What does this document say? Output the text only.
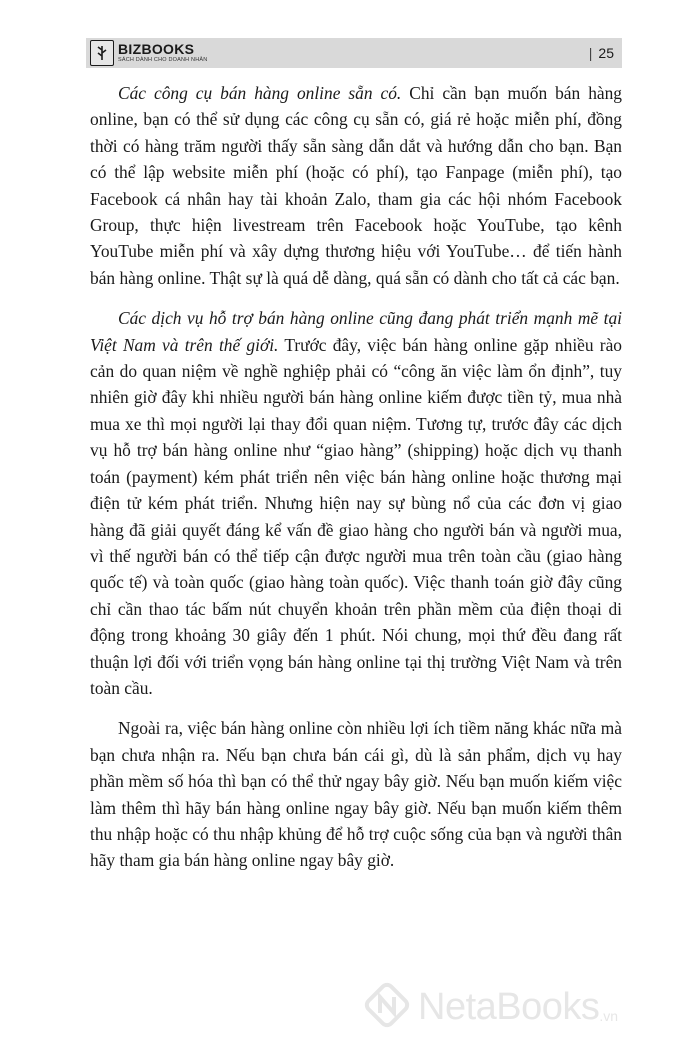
BIZBOOKS
SÁCH DÀNH CHO DOANH NHÂN	| 25

Các công cụ bán hàng online sẵn có. Chỉ cần bạn muốn bán hàng online, bạn có thể sử dụng các công cụ sẵn có, giá rẻ hoặc miễn phí, đồng thời có hàng trăm người thấy sẵn sàng dẫn dắt và hướng dẫn cho bạn. Bạn có thể lập website miễn phí (hoặc có phí), tạo Fanpage (miễn phí), tạo Facebook cá nhân hay tài khoản Zalo, tham gia các hội nhóm Facebook Group, thực hiện livestream trên Facebook hoặc YouTube, tạo kênh YouTube miễn phí và xây dựng thương hiệu với YouTube… để tiến hành bán hàng online. Thật sự là quá dễ dàng, quá sẵn có dành cho tất cả các bạn.

Các dịch vụ hỗ trợ bán hàng online cũng đang phát triển mạnh mẽ tại Việt Nam và trên thế giới. Trước đây, việc bán hàng online gặp nhiều rào cản do quan niệm về nghề nghiệp phải có “công ăn việc làm ổn định”, tuy nhiên giờ đây khi nhiều người bán hàng online kiếm được tiền tỷ, mua nhà mua xe thì mọi người lại thay đổi quan niệm. Tương tự, trước đây các dịch vụ hỗ trợ bán hàng online như “giao hàng” (shipping) hoặc dịch vụ thanh toán (payment) kém phát triển nên việc bán hàng online hoặc thương mại điện tử kém phát triển. Nhưng hiện nay sự bùng nổ của các đơn vị giao hàng đã giải quyết đáng kể vấn đề giao hàng cho người bán và người mua, vì thế người bán có thể tiếp cận được người mua trên toàn cầu (giao hàng quốc tế) và toàn quốc (giao hàng toàn quốc). Việc thanh toán giờ đây cũng chỉ cần thao tác bấm nút chuyển khoản trên phần mềm của điện thoại di động trong khoảng 30 giây đến 1 phút. Nói chung, mọi thứ đều đang rất thuận lợi đối với triển vọng bán hàng online tại thị trường Việt Nam và trên toàn cầu.

Ngoài ra, việc bán hàng online còn nhiều lợi ích tiềm năng khác nữa mà bạn chưa nhận ra. Nếu bạn chưa bán cái gì, dù là sản phẩm, dịch vụ hay phần mềm số hóa thì bạn có thể thử ngay bây giờ. Nếu bạn muốn kiếm việc làm thêm thì hãy bán hàng online ngay bây giờ. Nếu bạn muốn kiếm thêm thu nhập hoặc có thu nhập khủng để hỗ trợ cuộc sống của bạn và người thân hãy tham gia bán hàng online ngay bây giờ.

NetaBooks .vn
